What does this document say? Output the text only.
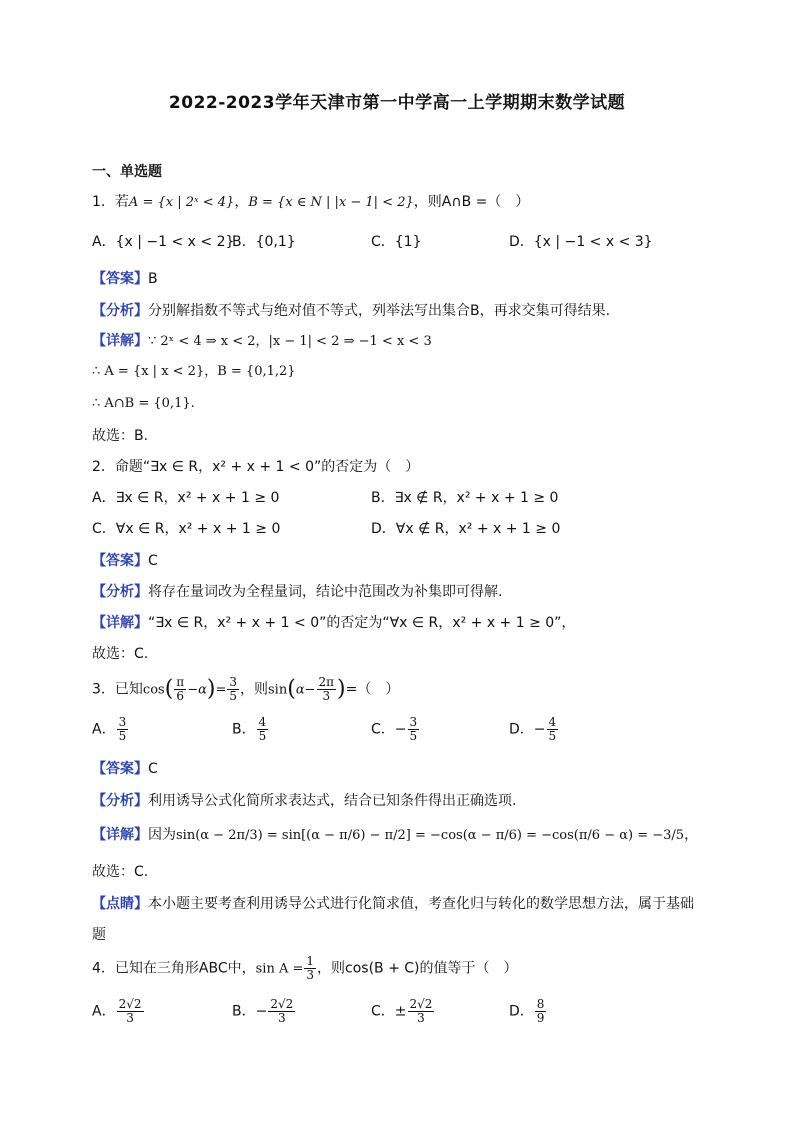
2022-2023学年天津市第一中学高一上学期期末数学试题
一、单选题
1．若A = {x | 2ˣ < 4}，B = {x ∈ N | |x − 1| < 2}，则A∩B =（　）
A．{x | −1 < x < 2}
B．{0,1}	C．{1}	D．{x | −1 < x < 3}
【答案】B
【分析】分别解指数不等式与绝对值不等式，列举法写出集合B，再求交集可得结果.
【详解】∵ 2ˣ < 4 ⇒ x < 2，|x − 1| < 2 ⇒ −1 < x < 3
∴ A = {x | x < 2}，B = {0,1,2}
∴ A∩B = {0,1}.
故选：B.
2．命题“∃x ∈ R，x² + x + 1 < 0”的否定为（　）
A．∃x ∈ R，x² + x + 1 ≥ 0	B．∃x ∉ R，x² + x + 1 ≥ 0
C．∀x ∈ R，x² + x + 1 ≥ 0	D．∀x ∉ R，x² + x + 1 ≥ 0
【答案】C
【分析】将存在量词改为全程量词，结论中范围改为补集即可得解.
【详解】“∃x ∈ R，x² + x + 1 < 0”的否定为“∀x ∈ R，x² + x + 1 ≥ 0”，
故选：C.
3．已知$\cos( \frac{\pi}{6} -\alpha)= \frac{3}{5}$ ，则$\sin(\alpha- \frac{2\pi}{3}$ )=（　）
A． $\frac{3}{5}$	B． $\frac{4}{5}$	C．− $\frac{3}{5}$	D．− $\frac{4}{5}$
【答案】C
【分析】利用诱导公式化简所求表达式，结合已知条件得出正确选项.
【详解】因为sin(α − 2π/3) = sin[(α − π/6) − π/2] = −cos(α − π/6) = −cos(π/6 − α) = −3/5，
故选：C.
【点睛】本小题主要考查利用诱导公式进行化简求值，考查化归与转化的数学思想方法，属于基础
题
4．已知在三角形ABC中，$\sin A = \frac{1}{3}$ ，则cos(B + C)的值等于（　）
A． $\frac{2√2}{3}$	B．− $\frac{2√2}{3}$	C．± $\frac{2√2}{3}$	D． $\frac{8}{9}$
